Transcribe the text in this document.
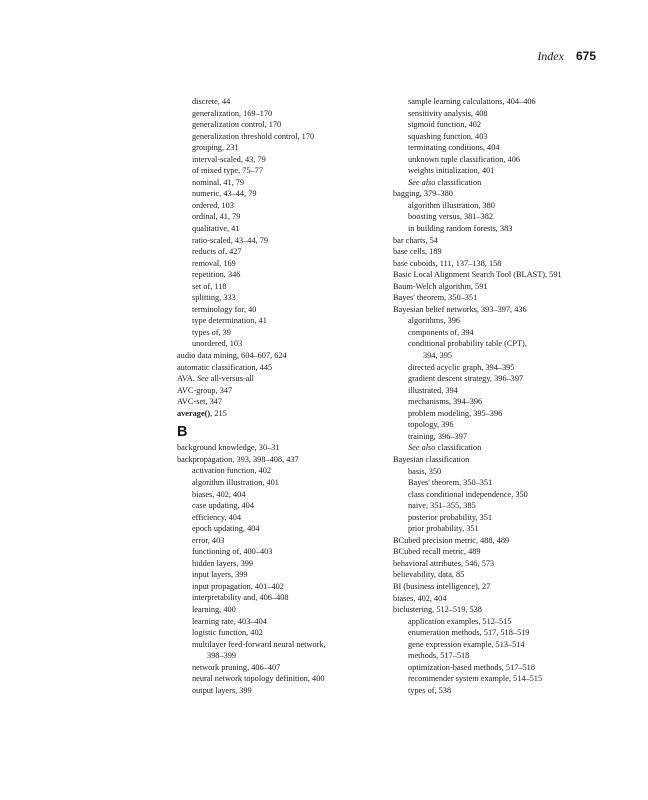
Index 675
discrete, 44
generalization, 169–170
generalization control, 170
generalization threshold control, 170
grouping, 231
interval-scaled, 43, 79
of mixed type, 75–77
nominal, 41, 79
numeric, 43–44, 79
ordered, 103
ordinal, 41, 79
qualitative, 41
ratio-scaled, 43–44, 79
reducts of, 427
removal, 169
repetition, 346
set of, 118
splitting, 333
terminology for, 40
type determination, 41
types of, 39
unordered, 103
audio data mining, 604–607, 624
automatic classification, 445
AVA. See all-versus-all
AVC-group, 347
AVC-set, 347
average(), 215
B
background knowledge, 30–31
backpropagation, 393, 398–408, 437
activation function, 402
algorithm illustration, 401
biases, 402, 404
case updating, 404
efficiency, 404
epoch updating, 404
error, 403
functioning of, 400–403
hidden layers, 399
input layers, 399
input propagation, 401–402
interpretability and, 406–408
learning, 400
learning rate, 403–404
logistic function, 402
multilayer feed-forward neural network,
398–399
network pruning, 406–407
neural network topology definition, 400
output layers, 399
sample learning calculations, 404–406
sensitivity analysis, 408
sigmoid function, 402
squashing function, 403
terminating conditions, 404
unknown tuple classification, 406
weights initialization, 401
See also classification
bagging, 379–380
algorithm illustration, 380
boosting versus, 381–382
in building random forests, 383
bar charts, 54
base cells, 189
base cuboids, 111, 137–138, 158
Basic Local Alignment Search Tool (BLAST), 591
Baum-Welch algorithm, 591
Bayes' theorem, 350–351
Bayesian belief networks, 393–397, 436
algorithms, 396
components of, 394
conditional probability table (CPT),
394, 395
directed acyclic graph, 394–395
gradient descent strategy, 396–397
illustrated, 394
mechanisms, 394–396
problem modeling, 395–396
topology, 396
training, 396–397
See also classification
Bayesian classification
basis, 350
Bayes' theorem, 350–351
class conditional independence, 350
naive, 351–355, 385
posterior probability, 351
prior probability, 351
BCubed precision metric, 488, 489
BCubed recall metric, 489
behavioral attributes, 546, 573
believability, data, 85
BI (business intelligence), 27
biases, 402, 404
biclustering, 512–519, 538
application examples, 512–515
enumeration methods, 517, 518–519
gene expression example, 513–514
methods, 517–518
optimization-based methods, 517–518
recommender system example, 514–515
types of, 538
